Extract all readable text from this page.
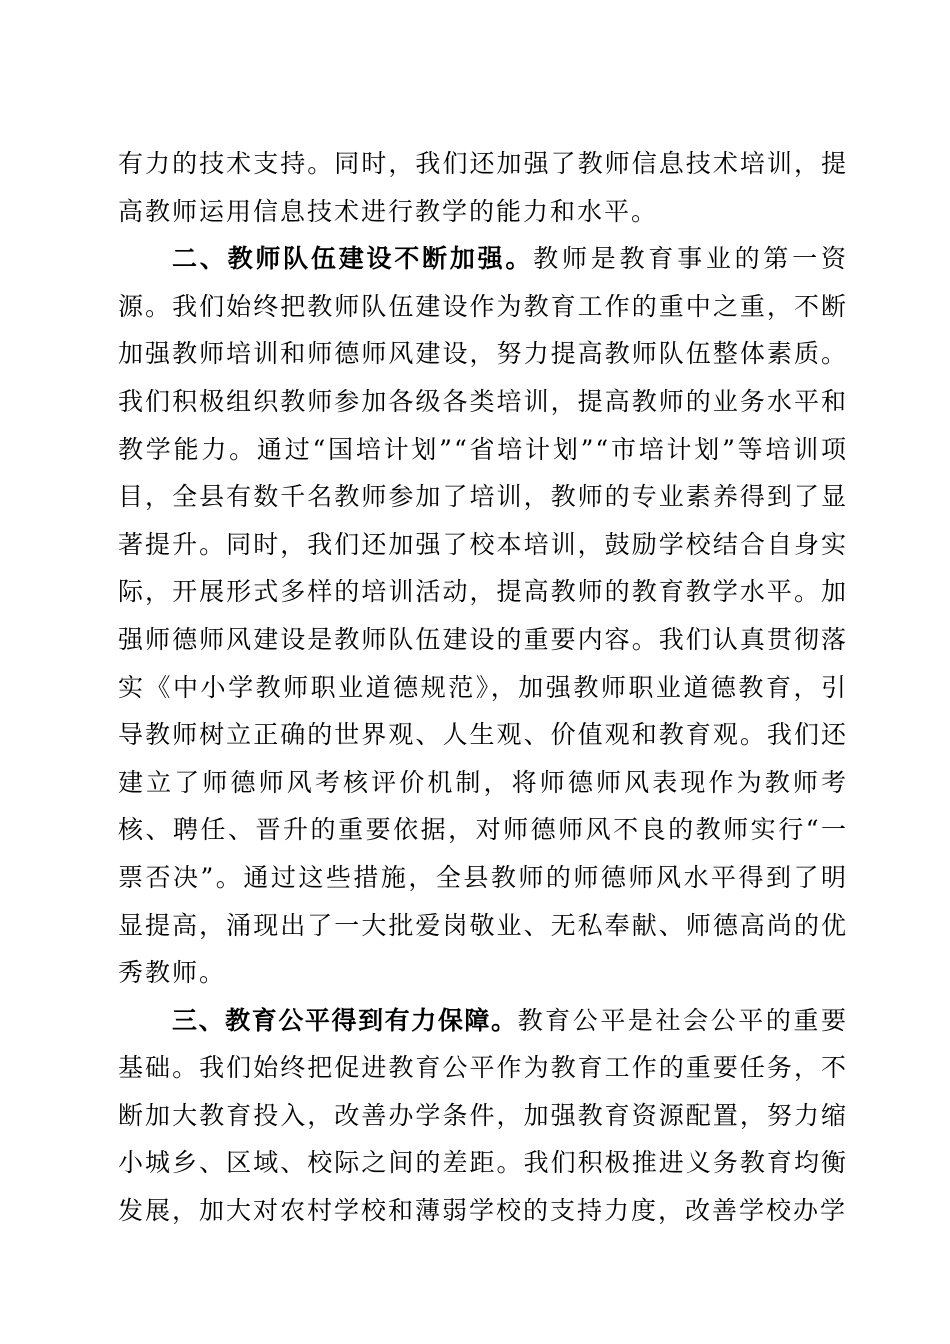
有力的技术支持。同时，我们还加强了教师信息技术培训，提高教师运用信息技术进行教学的能力和水平。

二、教师队伍建设不断加强。教师是教育事业的第一资源。我们始终把教师队伍建设作为教育工作的重中之重，不断加强教师培训和师德师风建设，努力提高教师队伍整体素质。我们积极组织教师参加各级各类培训，提高教师的业务水平和教学能力。通过“国培计划”“省培计划”“市培计划”等培训项目，全县有数千名教师参加了培训，教师的专业素养得到了显著提升。同时，我们还加强了校本培训，鼓励学校结合自身实际，开展形式多样的培训活动，提高教师的教育教学水平。加强师德师风建设是教师队伍建设的重要内容。我们认真贯彻落实《中小学教师职业道德规范》，加强教师职业道德教育，引导教师树立正确的世界观、人生观、价值观和教育观。我们还建立了师德师风考核评价机制，将师德师风表现作为教师考核、聘任、晋升的重要依据，对师德师风不良的教师实行“一票否决”。通过这些措施，全县教师的师德师风水平得到了明显提高，涌现出了一大批爱岗敬业、无私奉献、师德高尚的优秀教师。

三、教育公平得到有力保障。教育公平是社会公平的重要基础。我们始终把促进教育公平作为教育工作的重要任务，不断加大教育投入，改善办学条件，加强教育资源配置，努力缩小城乡、区域、校际之间的差距。我们积极推进义务教育均衡发展，加大对农村学校和薄弱学校的支持力度，改善学校办学
